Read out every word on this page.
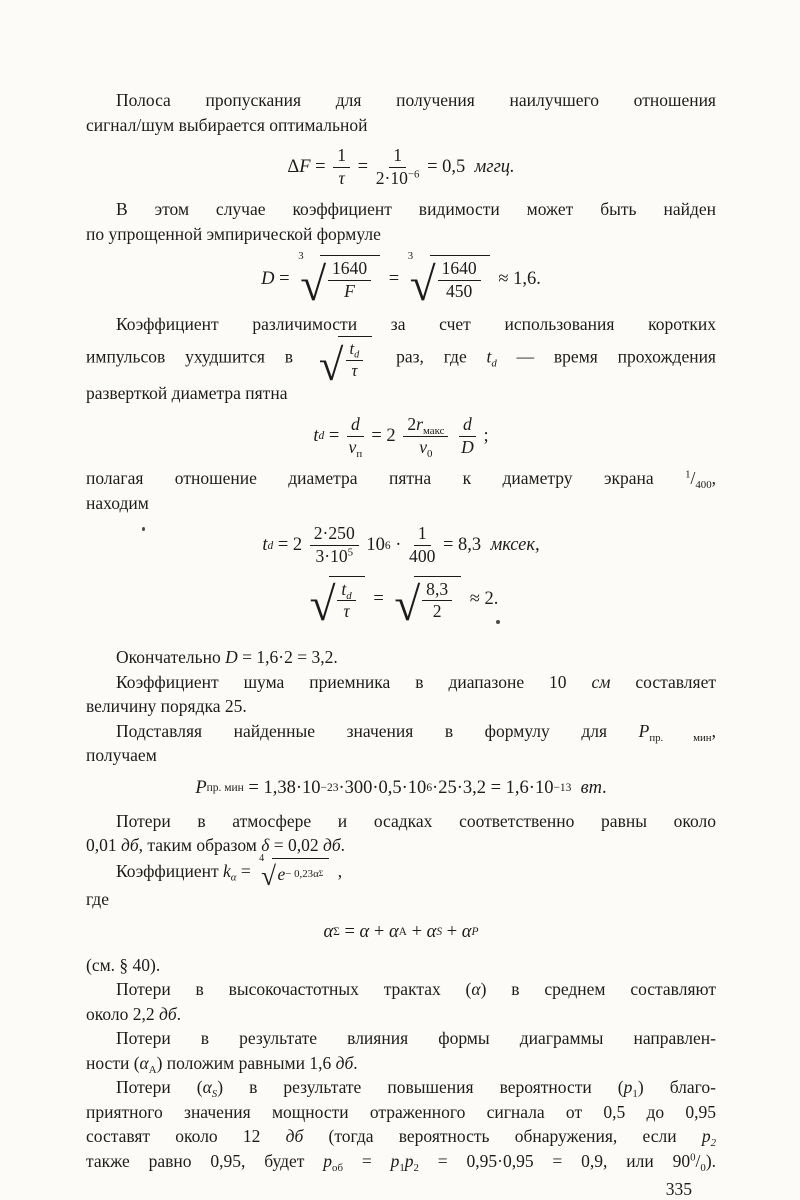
Полоса пропускания для получения наилучшего отношения
сигнал/шум выбирается оптимальной

Δ $F = \frac{1}{\tau} = \frac{1}{2\cdot 10^{-6}} = 0,5$ мггц.

В этом случае коэффициент видимости может быть найден
по упрощенной эмпирической формуле

D =
3
√ $\frac{1640}{F}$ =
3
√ $\frac{1640}{450} \approx 1,6$.

Коэффициент различимости за счет использования коротких
импульсов ухудшится в √ $\frac{t_d}{\tau}$ раз, где $t_d$ — время прохождения
разверткой диаметра пятна

t $d = \frac{d}{v_п} = 2 \frac{2r_{макс}}{v_0}$
$\frac{d}{D}$ ;

полагая отношение диаметра пятна к диаметру экрана $^1/_{400}$,
находим

t $d = 2 \frac{2\cdot 250}{3\cdot 10^5} 10$ $6 \cdot \frac{1}{400} = 8,3$ мксек,
√ $\frac{t_d}{\tau}$ = √ $\frac{8,3}{2} \approx 2$.

Окончательно D = 1,6·2 = 3,2.

Коэффициент шума приемника в диапазоне 10 см составляет
величину порядка 25.

Подставляя найденные значения в формулу для $P_{пр. мин}$,
получаем

P пр. мин = 1,38·10 −23 ·300·0,5·10 6 ·25·3,2 = 1,6·10 −13
вт .

Потери в атмосфере и осадках соответственно равны около
0,01 дб, таким образом δ = 0,02 дб.

Коэффициент $k_\alpha$ =
4
√ e − 0,23α Σ ,

где

α Σ = α + α А + α S + α P

(см. § 40).

Потери в высокочастотных трактах (α) в среднем составляют
около 2,2 дб.

Потери в результате влияния формы диаграммы направлен-
ности $(\alpha_А)$ положим равными 1,6 дб.

Потери $(\alpha_S)$ в результате повышения вероятности $(p_1)$ благо-
приятного значения мощности отраженного сигнала от 0,5 до 0,95
составят около 12 дб (тогда вероятность обнаружения, если $p_2$
также равно 0,95, будет $p_{об} = p_1p_2 = 0,95\cdot 0,95 = 0,9$, или $90^0/_0$).

335
